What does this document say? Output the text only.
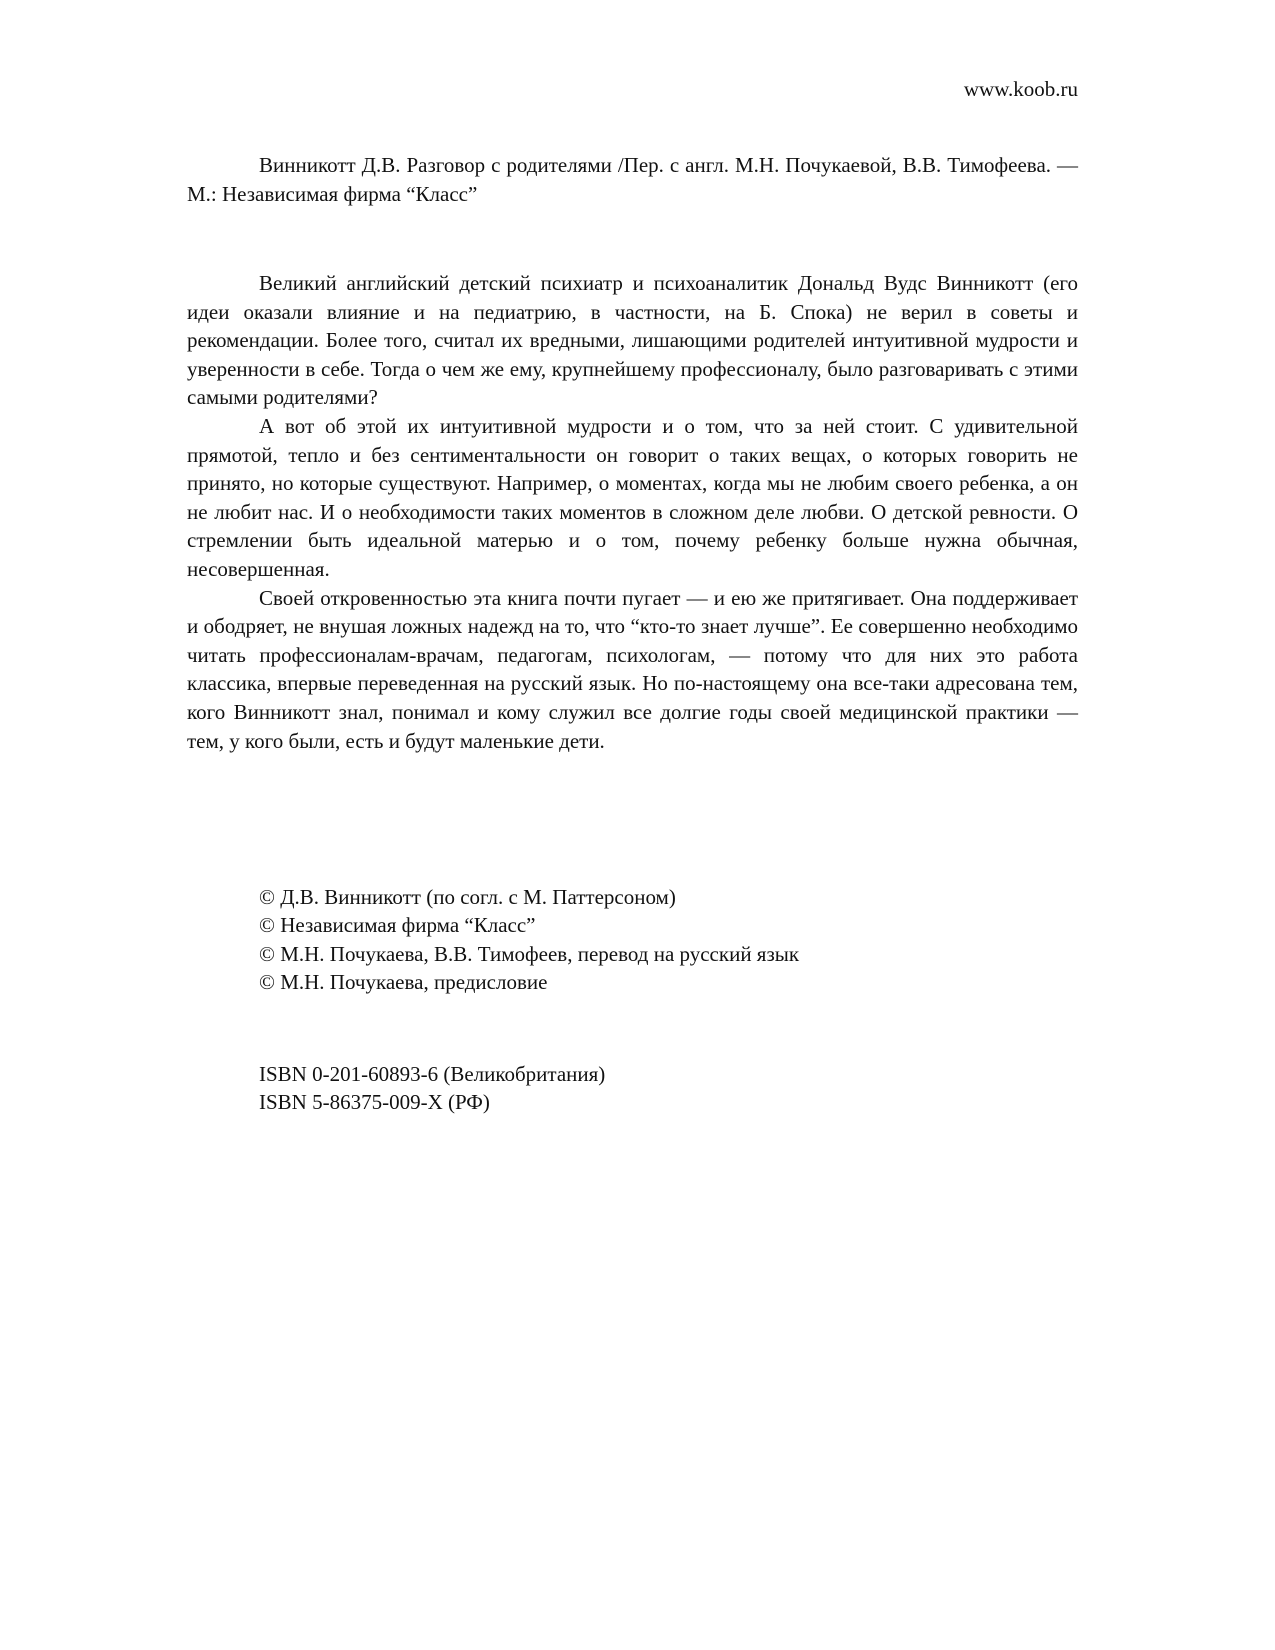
www.koob.ru

Винникотт Д.В. Разговор с родителями /Пер. с англ. М.Н. Почукаевой, В.В. Тимофеева. — М.: Независимая фирма “Класс”

Великий английский детский психиатр и психоаналитик Дональд Вудс Винникотт (его идеи оказали влияние и на педиатрию, в частности, на Б. Спока) не верил в советы и рекомендации. Более того, считал их вредными, лишающими родителей интуитивной мудрости и уверенности в себе. Тогда о чем же ему, крупнейшему профессионалу, было разговаривать с этими самыми родителями?

А вот об этой их интуитивной мудрости и о том, что за ней стоит. С удивительной прямотой, тепло и без сентиментальности он говорит о таких вещах, о которых говорить не принято, но которые существуют. Например, о моментах, когда мы не любим своего ребенка, а он не любит нас. И о необходимости таких моментов в сложном деле любви. О детской ревности. О стремлении быть идеальной матерью и о том, почему ребенку больше нужна обычная, несовершенная.

Своей откровенностью эта книга почти пугает — и ею же притягивает. Она поддерживает и ободряет, не внушая ложных надежд на то, что “кто-то знает лучше”. Ее совершенно необходимо читать профессионалам-врачам, педагогам, психологам, — потому что для них это работа классика, впервые переведенная на русский язык. Но по-настоящему она все-таки адресована тем, кого Винникотт знал, понимал и кому служил все долгие годы своей медицинской практики — тем, у кого были, есть и будут маленькие дети.

© Д.В. Винникотт (по согл. с М. Паттерсоном)
© Независимая фирма “Класс”
© М.Н. Почукаева, В.В. Тимофеев, перевод на русский язык
© М.Н. Почукаева, предисловие
ISBN 0-201-60893-6 (Великобритания)
ISBN 5-86375-009-X (РФ)
